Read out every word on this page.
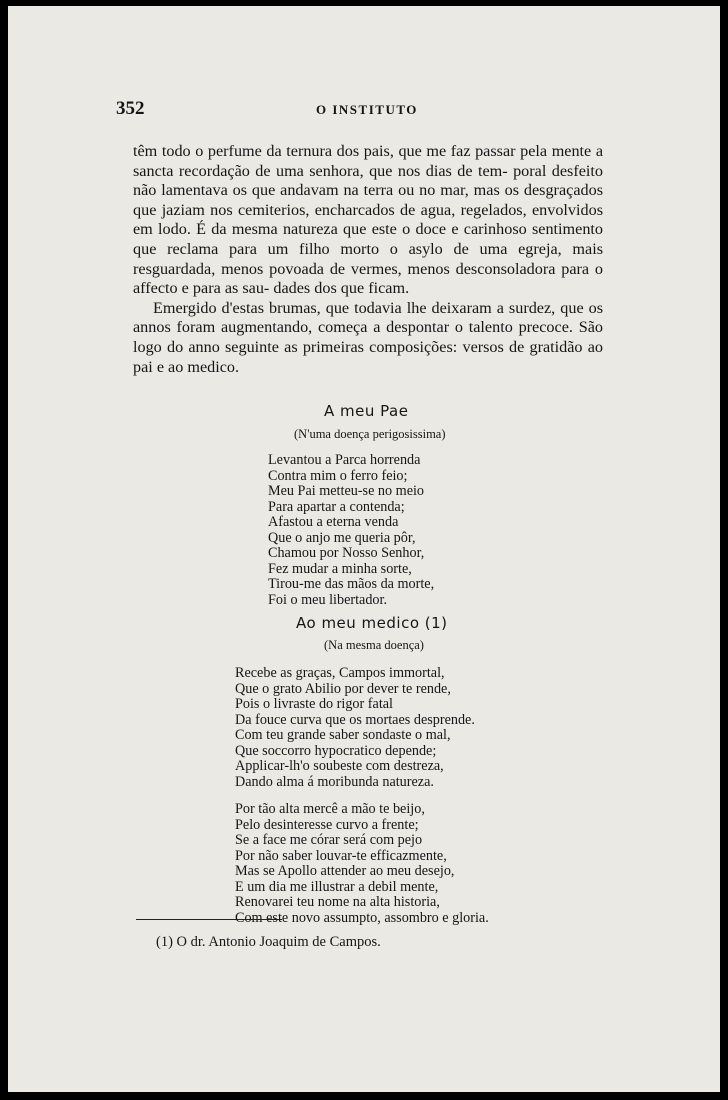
352	O INSTITUTO

têm todo o perfume da ternura dos pais, que me faz passar pela mente a sancta recordação de uma senhora, que nos dias de tem- poral desfeito não lamentava os que andavam na terra ou no mar, mas os desgraçados que jaziam nos cemiterios, encharcados de agua, regelados, envolvidos em lodo. É da mesma natureza que este o doce e carinhoso sentimento que reclama para um filho morto o asylo de uma egreja, mais resguardada, menos povoada de vermes, menos desconsoladora para o affecto e para as sau- dades dos que ficam.

Emergido d'estas brumas, que todavia lhe deixaram a surdez, que os annos foram augmentando, começa a despontar o talento precoce. São logo do anno seguinte as primeiras composições: versos de gratidão ao pai e ao medico.

A meu Pae
(N'uma doença perigosissima)
Levantou a Parca horrenda
Contra mim o ferro feio;
Meu Pai metteu-se no meio
Para apartar a contenda;
Afastou a eterna venda
Que o anjo me queria pôr,
Chamou por Nosso Senhor,
Fez mudar a minha sorte,
Tirou-me das mãos da morte,
Foi o meu libertador.
Ao meu medico (1)
(Na mesma doença)
Recebe as graças, Campos immortal,
Que o grato Abilio por dever te rende,
Pois o livraste do rigor fatal
Da fouce curva que os mortaes desprende.
Com teu grande saber sondaste o mal,
Que soccorro hypocratico depende;
Applicar-lh'o soubeste com destreza,
Dando alma á moribunda natureza.
Por tão alta mercê a mão te beijo,
Pelo desinteresse curvo a frente;
Se a face me córar será com pejo
Por não saber louvar-te efficazmente,
Mas se Apollo attender ao meu desejo,
E um dia me illustrar a debil mente,
Renovarei teu nome na alta historia,
Com este novo assumpto, assombro e gloria.
(1) O dr. Antonio Joaquim de Campos.
